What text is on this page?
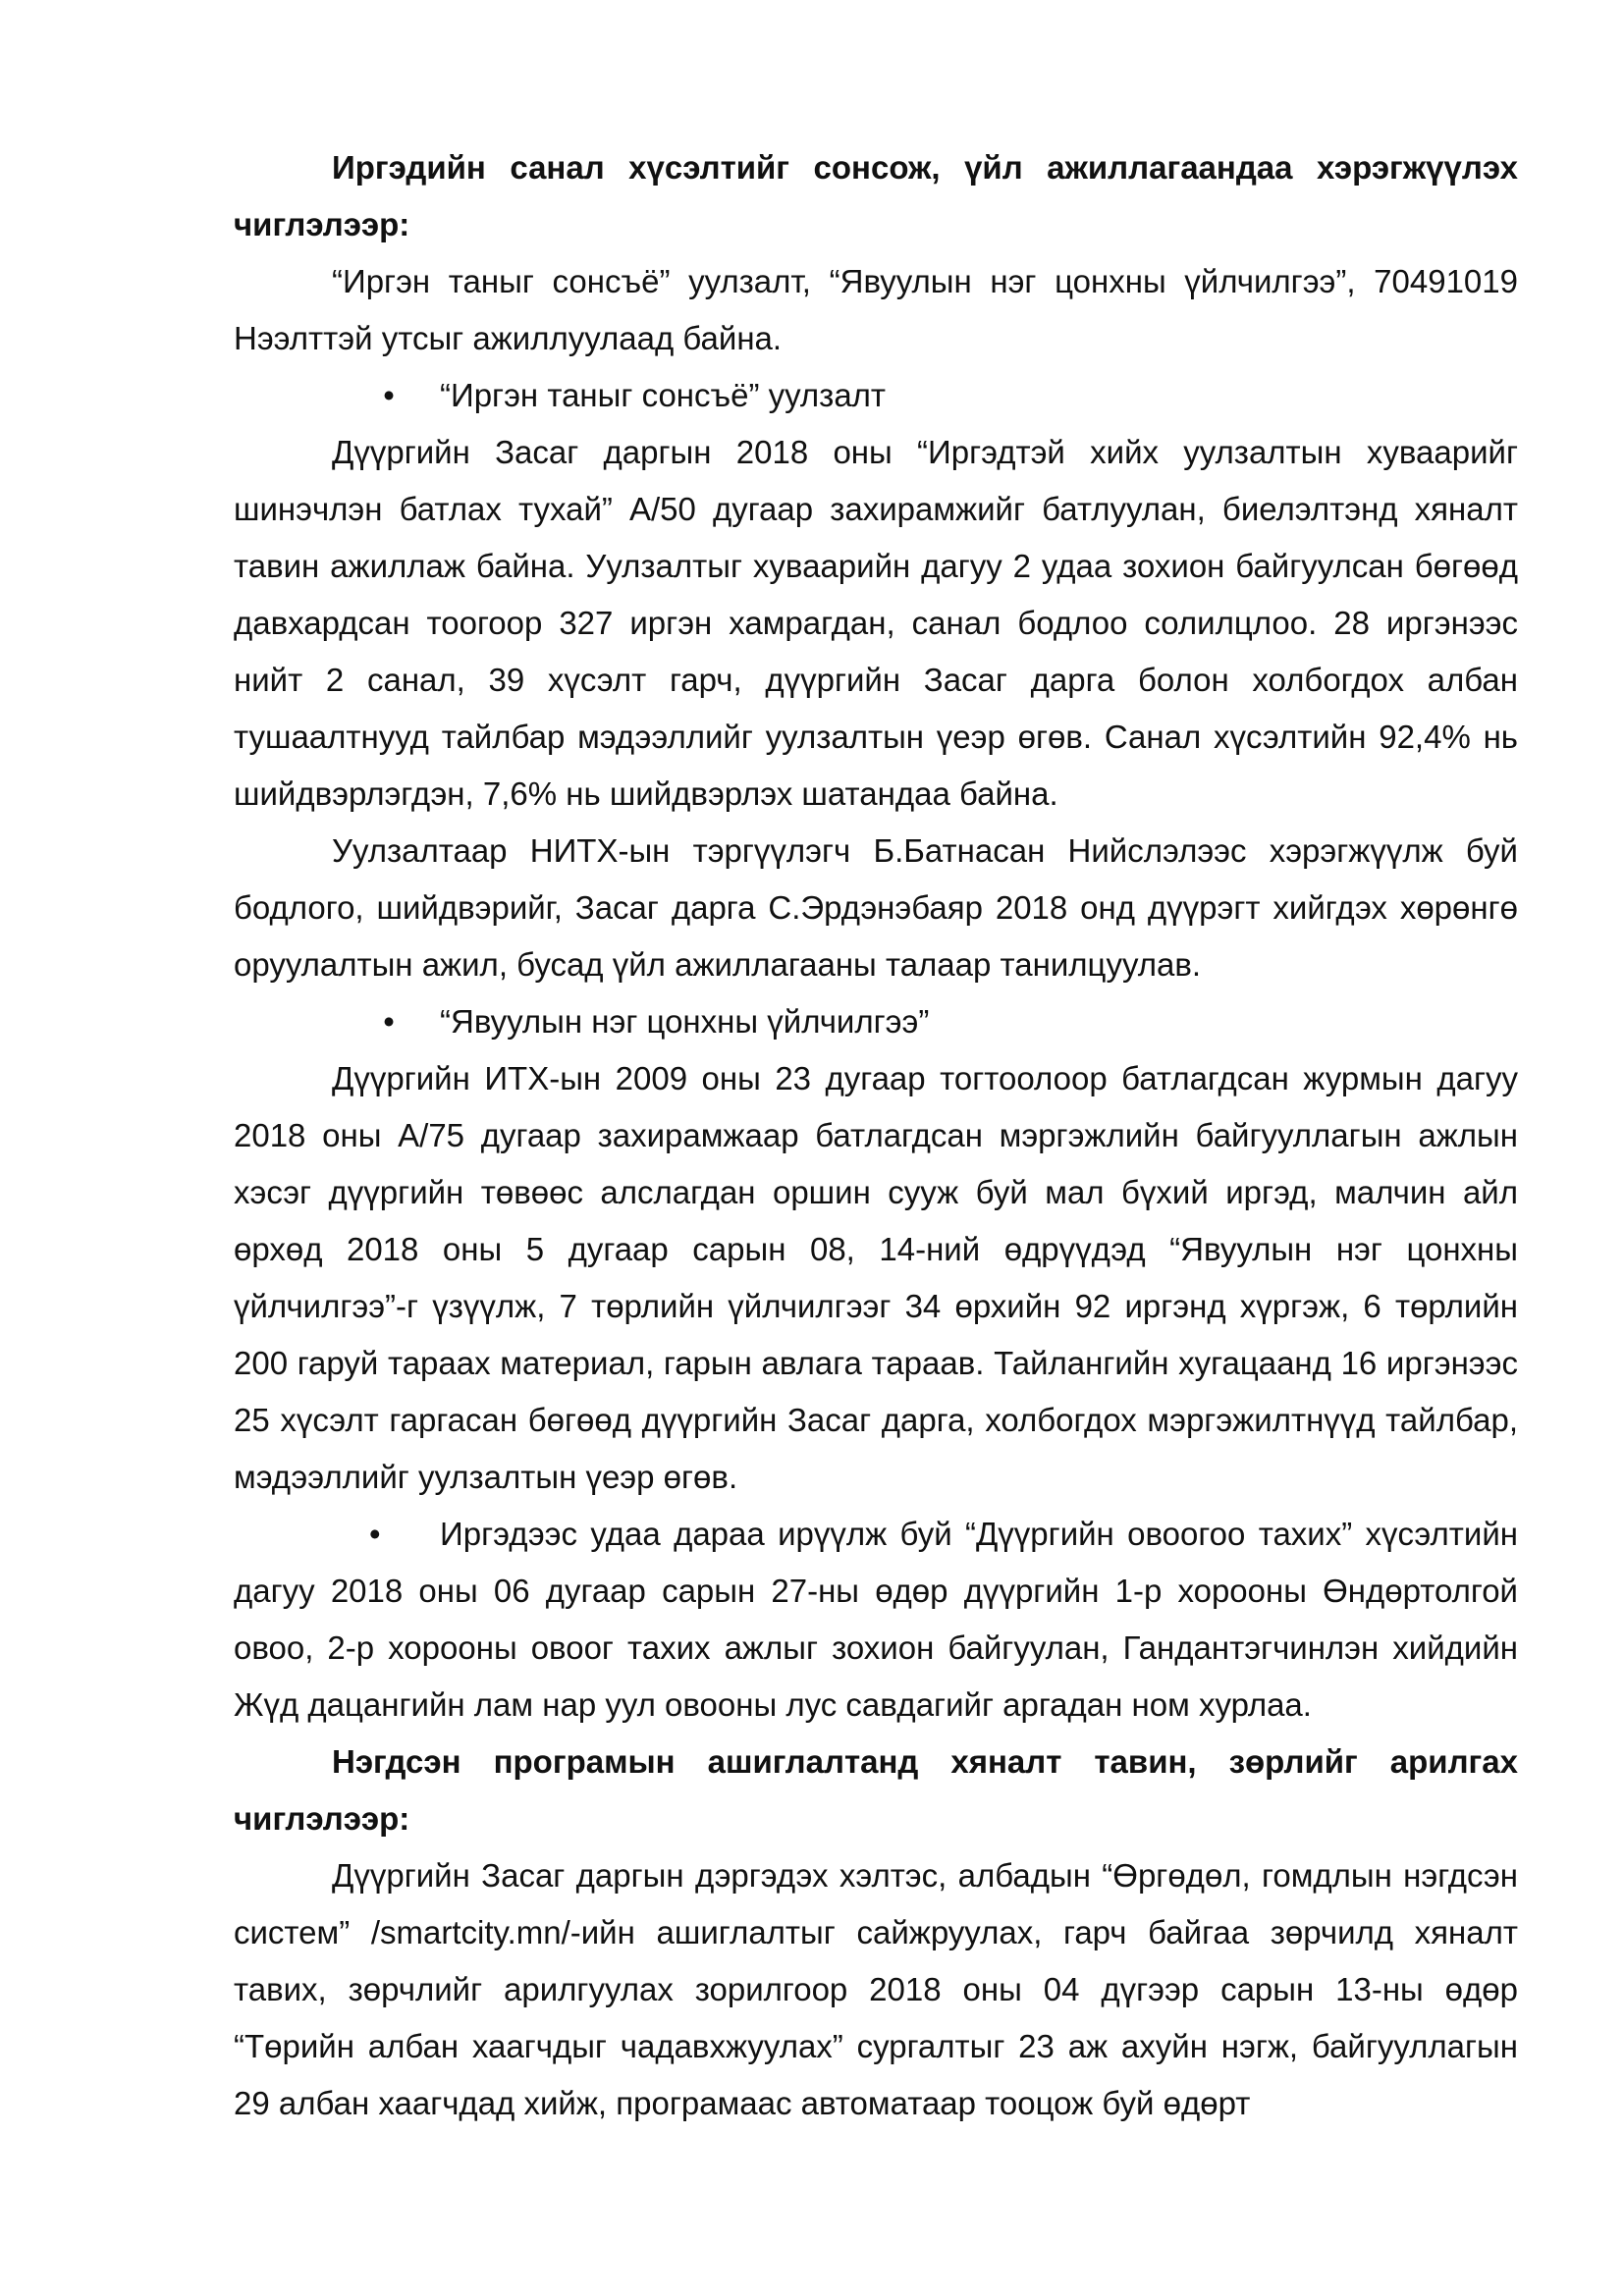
Иргэдийн санал хүсэлтийг сонсож, үйл ажиллагаандаа хэрэгжүүлэх чиглэлээр:

“Иргэн таныг сонсъё” уулзалт, “Явуулын нэг цонхны үйлчилгээ”, 70491019 Нээлттэй утсыг ажиллуулаад байна.

•	“Иргэн таныг сонсъё” уулзалт

Дүүргийн Засаг даргын 2018 оны “Иргэдтэй хийх уулзалтын хуваарийг шинэчлэн батлах тухай” А/50 дугаар захирамжийг батлуулан, биелэлтэнд хяналт тавин ажиллаж байна. Уулзалтыг хуваарийн дагуу 2 удаа зохион байгуулсан бөгөөд давхардсан тоогоор 327 иргэн хамрагдан, санал бодлоо солилцлоо. 28 иргэнээс нийт 2 санал, 39 хүсэлт гарч, дүүргийн Засаг дарга болон холбогдох албан тушаалтнууд тайлбар мэдээллийг уулзалтын үеэр өгөв. Санал хүсэлтийн 92,4% нь шийдвэрлэгдэн, 7,6% нь шийдвэрлэх шатандаа байна.

Уулзалтаар НИТХ-ын тэргүүлэгч Б.Батнасан Нийслэлээс хэрэгжүүлж буй бодлого, шийдвэрийг, Засаг дарга С.Эрдэнэбаяр 2018 онд дүүрэгт хийгдэх хөрөнгө оруулалтын ажил, бусад үйл ажиллагааны талаар танилцуулав.

•	“Явуулын нэг цонхны үйлчилгээ”

Дүүргийн ИТХ-ын 2009 оны 23 дугаар тогтоолоор батлагдсан журмын дагуу 2018 оны А/75 дугаар захирамжаар батлагдсан мэргэжлийн байгууллагын ажлын хэсэг дүүргийн төвөөс алслагдан оршин сууж буй мал бүхий иргэд, малчин айл өрхөд 2018 оны 5 дугаар сарын 08, 14-ний өдрүүдэд “Явуулын нэг цонхны үйлчилгээ”-г үзүүлж, 7 төрлийн үйлчилгээг 34 өрхийн 92 иргэнд хүргэж, 6 төрлийн 200 гаруй тараах материал, гарын авлага тараав. Тайлангийн хугацаанд 16 иргэнээс 25 хүсэлт гаргасан бөгөөд дүүргийн Засаг дарга, холбогдох мэргэжилтнүүд тайлбар, мэдээллийг уулзалтын үеэр өгөв.

• Иргэдээс удаа дараа ирүүлж буй “Дүүргийн овоогоо тахих” хүсэлтийн дагуу 2018 оны 06 дугаар сарын 27-ны өдөр дүүргийн 1-р хорооны Өндөртолгой овоо, 2-р хорооны овоог тахих ажлыг зохион байгуулан, Гандантэгчинлэн хийдийн Жүд дацангийн лам нар уул овооны лус савдагийг аргадан ном хурлаа.

Нэгдсэн програмын ашиглалтанд хяналт тавин, зөрлийг арилгах чиглэлээр:

Дүүргийн Засаг даргын дэргэдэх хэлтэс, албадын “Өргөдөл, гомдлын нэгдсэн систем” /smartcity.mn/-ийн ашиглалтыг сайжруулах, гарч байгаа зөрчилд хяналт тавих, зөрчлийг арилгуулах зорилгоор 2018 оны 04 дүгээр сарын 13-ны өдөр “Төрийн албан хаагчдыг чадавхжуулах” сургалтыг 23 аж ахуйн нэгж, байгууллагын 29 албан хаагчдад хийж, програмаас автоматаар тооцож буй өдөрт
